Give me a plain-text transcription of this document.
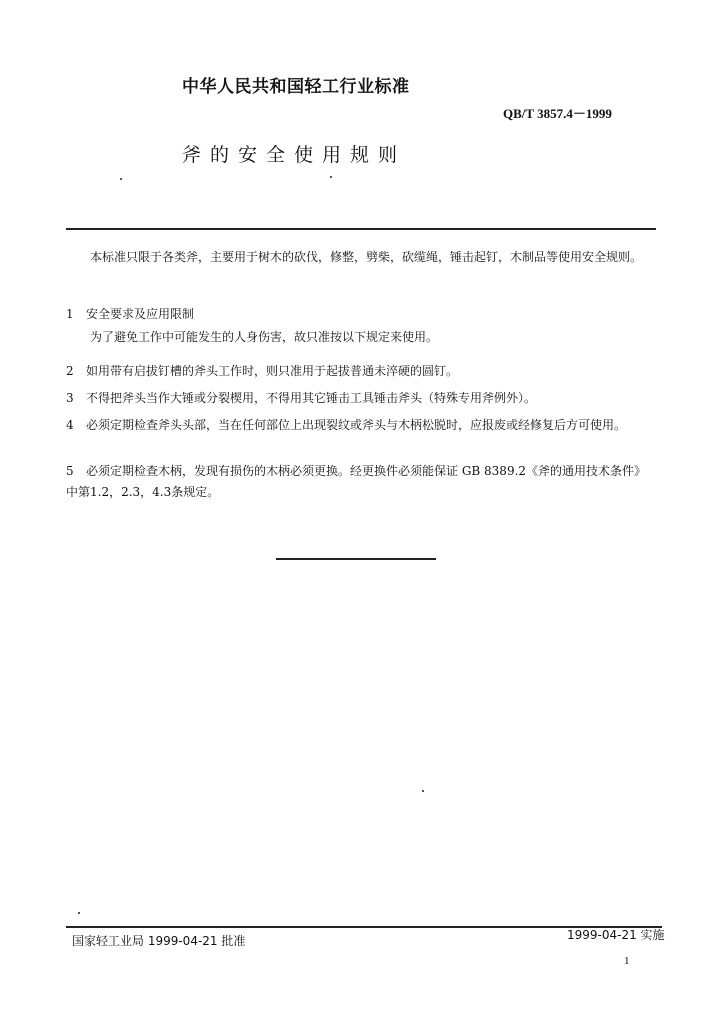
中华人民共和国轻工行业标准
QB/T 3857.4－1999
斧的安全使用规则
本标准只限于各类斧，主要用于树木的砍伐，修整，劈柴，砍缆绳，锤击起钉，木制品等使用安全规则。
1 安全要求及应用限制
为了避免工作中可能发生的人身伤害，故只准按以下规定来使用。
2 如用带有启拔钉槽的斧头工作时，则只准用于起拔普通未淬硬的圆钉。
3 不得把斧头当作大锤或分裂楔用，不得用其它锤击工具锤击斧头（特殊专用斧例外）。
4 必须定期检查斧头头部，当在任何部位上出现裂纹或斧头与木柄松脱时，应报废或经修复后方可使用。
5 必须定期检查木柄，发现有损伤的木柄必须更换。经更换件必须能保证 GB 8389.2《斧的通用技术条件》中第1.2，2.3，4.3条规定。
国家轻工业局 1999-04-21 批准	1999-04-21 实施
1
